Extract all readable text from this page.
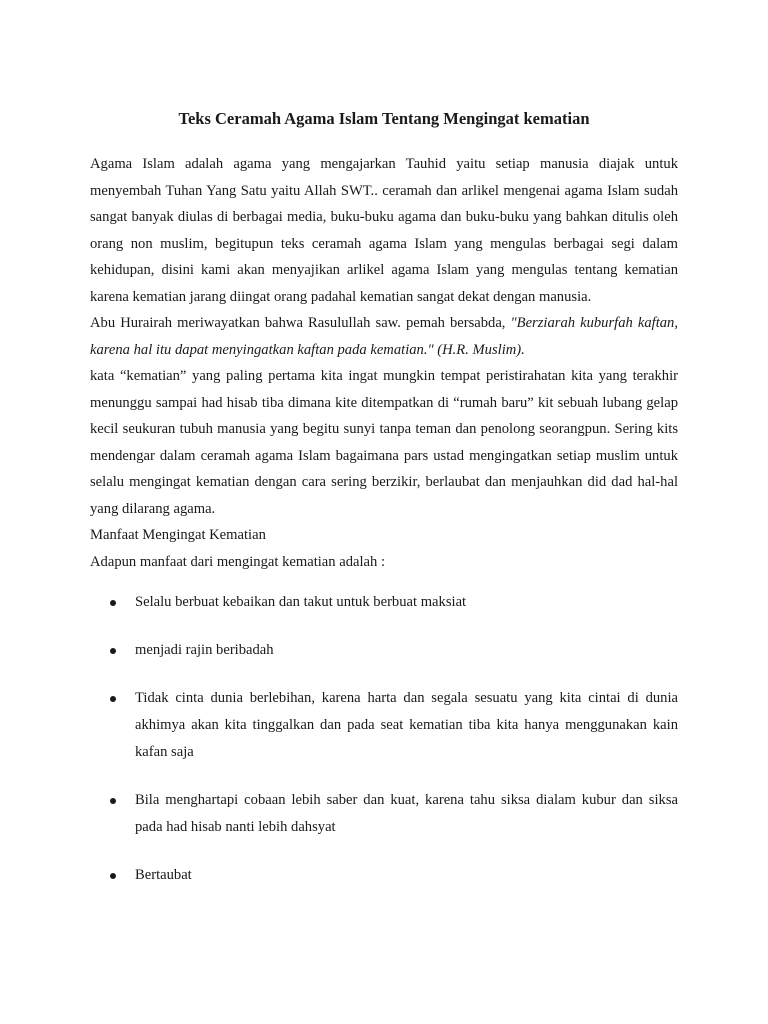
Teks Ceramah Agama Islam Tentang Mengingat kematian

Agama Islam adalah agama yang mengajarkan Tauhid yaitu setiap manusia diajak untuk menyembah Tuhan Yang Satu yaitu Allah SWT.. ceramah dan arlikel mengenai agama Islam sudah sangat banyak diulas di berbagai media, buku-buku agama dan buku-buku yang bahkan ditulis oleh orang non muslim, begitupun teks ceramah agama Islam yang mengulas berbagai segi dalam kehidupan, disini kami akan menyajikan arlikel agama Islam yang mengulas tentang kematian karena kematian jarang diingat orang padahal kematian sangat dekat dengan manusia.

Abu Hurairah meriwayatkan bahwa Rasulullah saw. pemah bersabda, "Berziarah kuburfah kaftan, karena hal itu dapat menyingatkan kaftan pada kematian." (H.R. Muslim).

kata “kematian” yang paling pertama kita ingat mungkin tempat peristirahatan kita yang terakhir menunggu sampai had hisab tiba dimana kite ditempatkan di “rumah baru” kit sebuah lubang gelap kecil seukuran tubuh manusia yang begitu sunyi tanpa teman dan penolong seorangpun. Sering kits mendengar dalam ceramah agama Islam bagaimana pars ustad mengingatkan setiap muslim untuk selalu mengingat kematian dengan cara sering berzikir, berlaubat dan menjauhkan did dad hal-hal yang dilarang agama.

Manfaat Mengingat Kematian

Adapun manfaat dari mengingat kematian adalah :

Selalu berbuat kebaikan dan takut untuk berbuat maksiat
menjadi rajin beribadah
Tidak cinta dunia berlebihan, karena harta dan segala sesuatu yang kita cintai di dunia akhimya akan kita tinggalkan dan pada seat kematian tiba kita hanya menggunakan kain kafan saja
Bila menghartapi cobaan lebih saber dan kuat, karena tahu siksa dialam kubur dan siksa pada had hisab nanti lebih dahsyat
Bertaubat
